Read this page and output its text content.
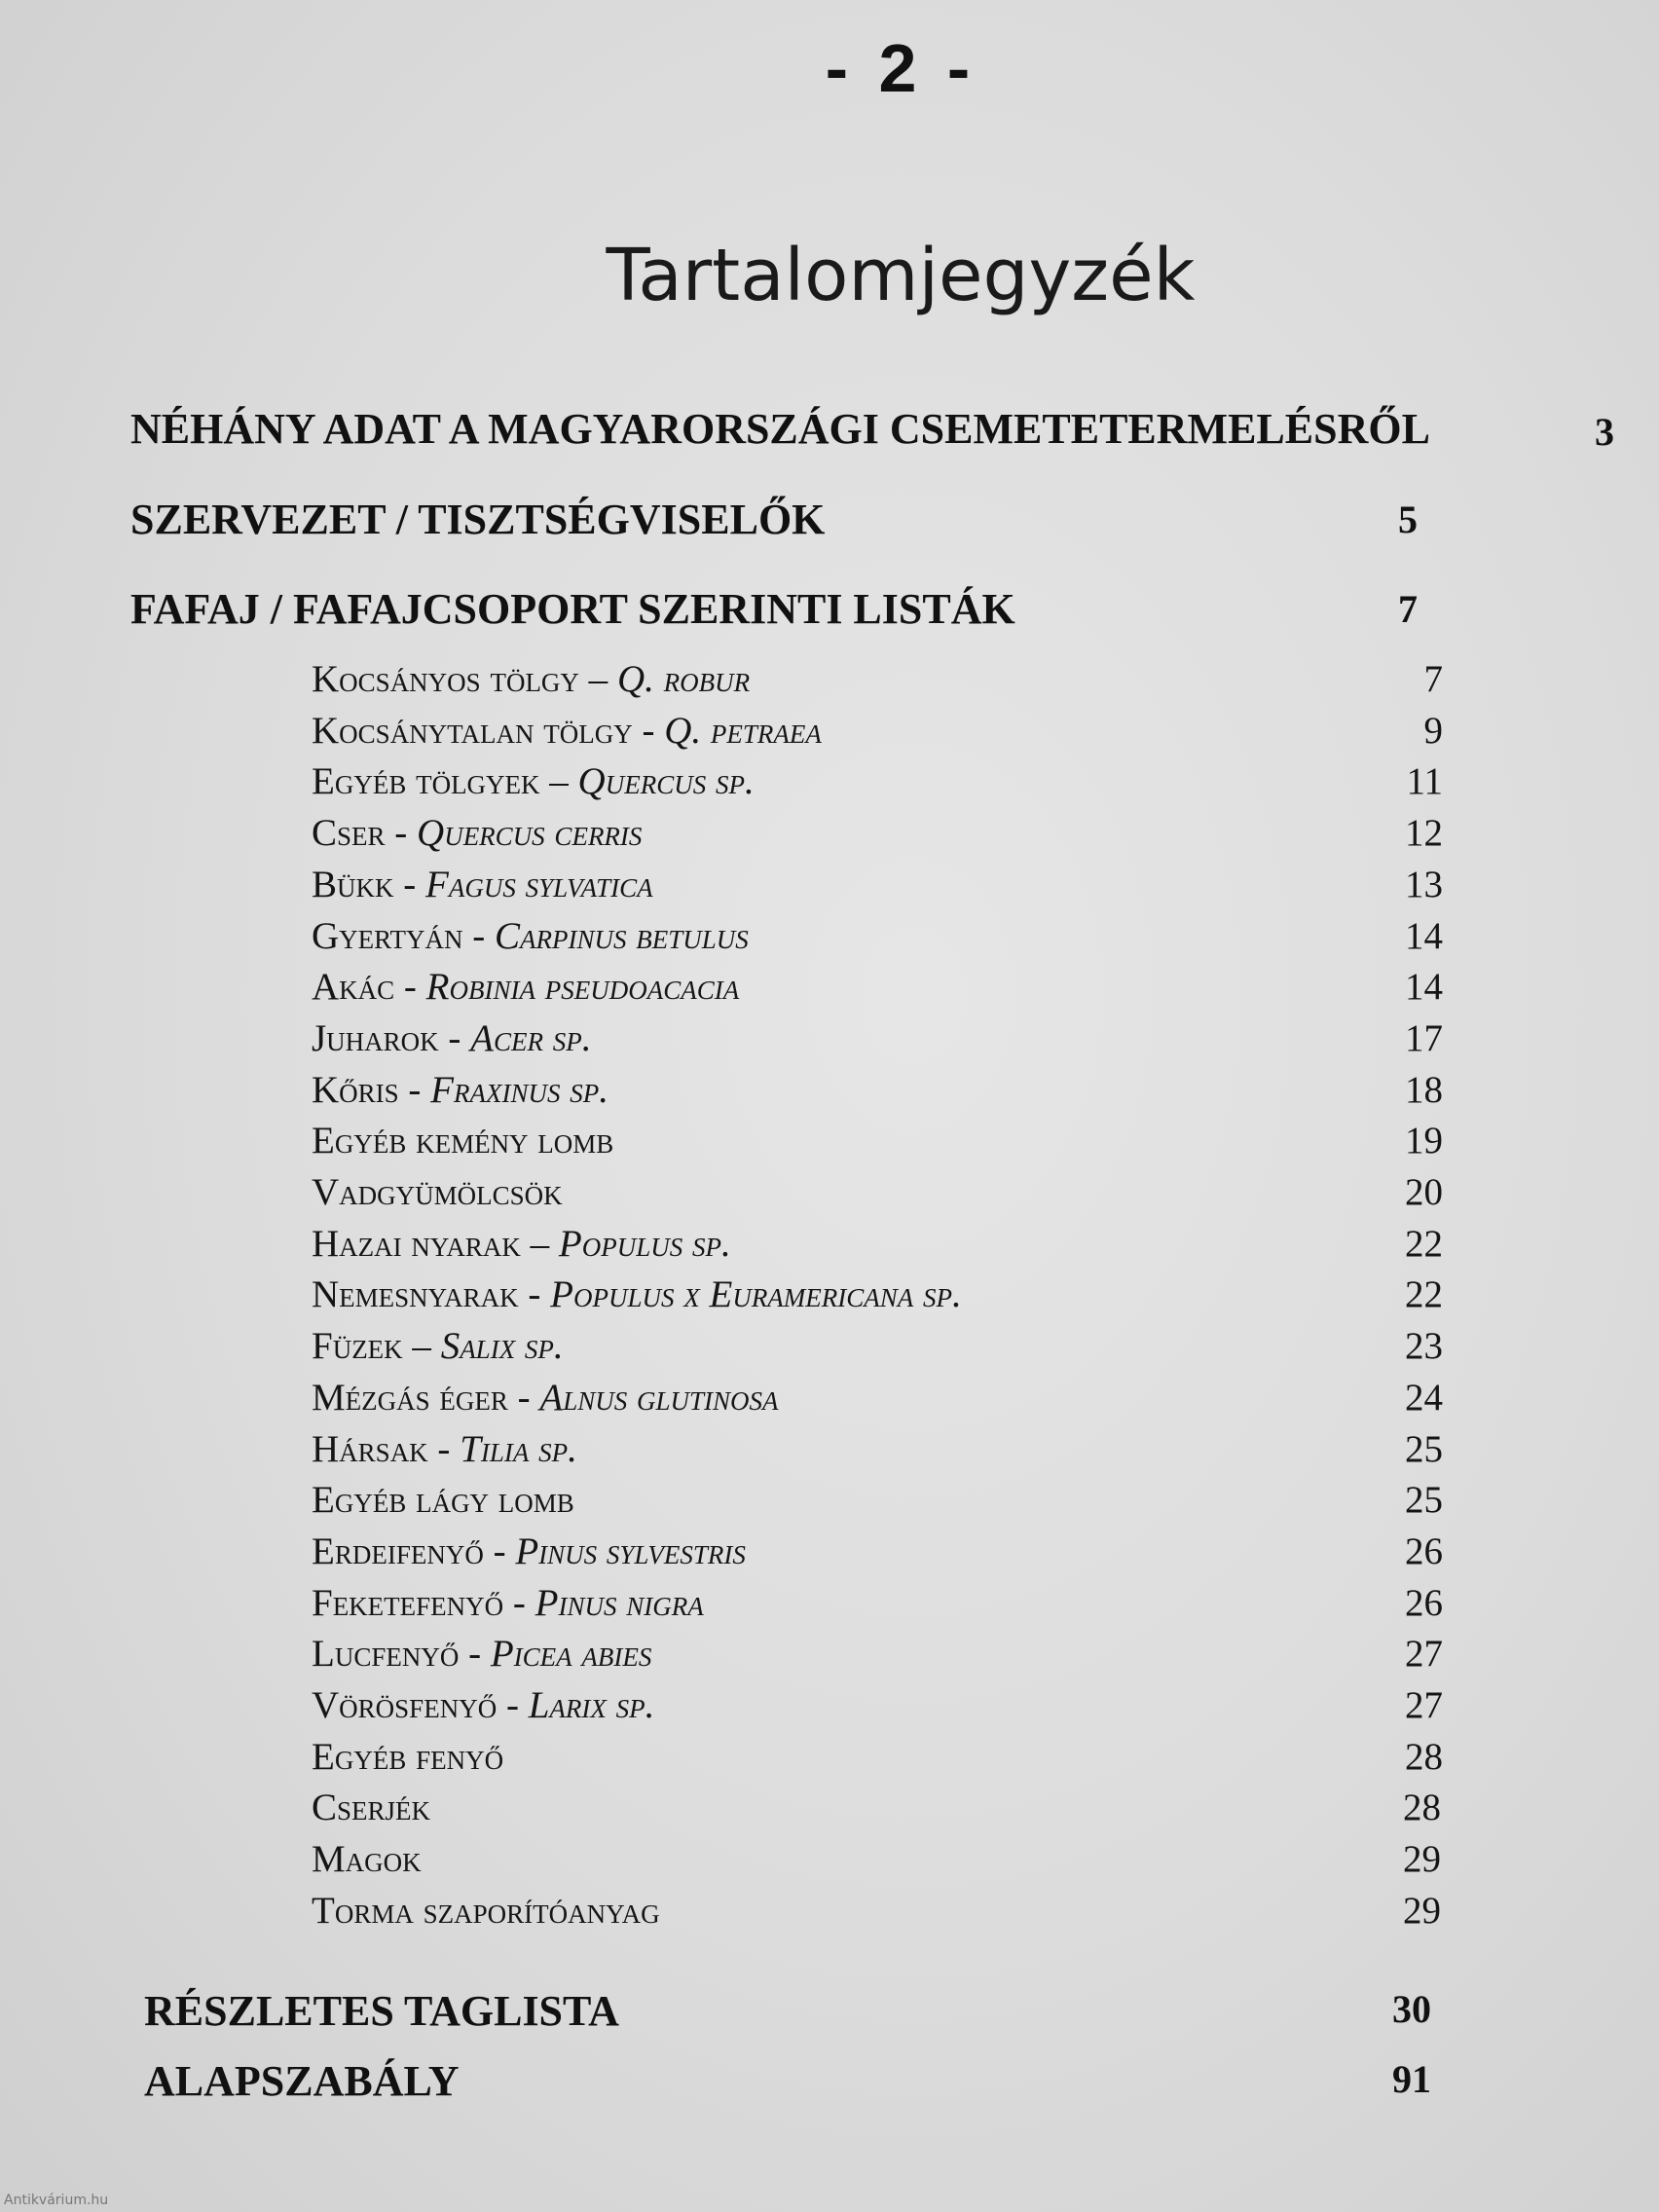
- 2 -
Tartalomjegyzék
NÉHÁNY ADAT A MAGYARORSZÁGI CSEMETETERMELÉSRŐL	3
SZERVEZET / TISZTSÉGVISELŐK	5
FAFAJ / FAFAJCSOPORT SZERINTI LISTÁK	7
Kocsányos tölgy – Q. robur	7
Kocsánytalan tölgy - Q. petraea	9
Egyéb tölgyek – Quercus sp.	11
Cser - Quercus cerris	12
Bükk - Fagus sylvatica	13
Gyertyán - Carpinus betulus	14
Akác - Robinia pseudoacacia	14
Juharok - Acer sp.	17
Kőris - Fraxinus sp.	18
Egyéb kemény lomb	19
Vadgyümölcsök	20
Hazai nyarak – Populus sp.	22
Nemesnyarak - Populus x Euramericana sp.	22
Füzek – Salix sp.	23
Mézgás éger - Alnus glutinosa	24
Hársak - Tilia sp.	25
Egyéb lágy lomb	25
Erdeifenyő - Pinus sylvestris	26
Feketefenyő - Pinus nigra	26
Lucfenyő - Picea abies	27
Vörösfenyő - Larix sp.	27
Egyéb fenyő	28
Cserjék	28
Magok	29
Torma szaporítóanyag	29
RÉSZLETES TAGLISTA	30
ALAPSZABÁLY	91
Antikvárium.hu
